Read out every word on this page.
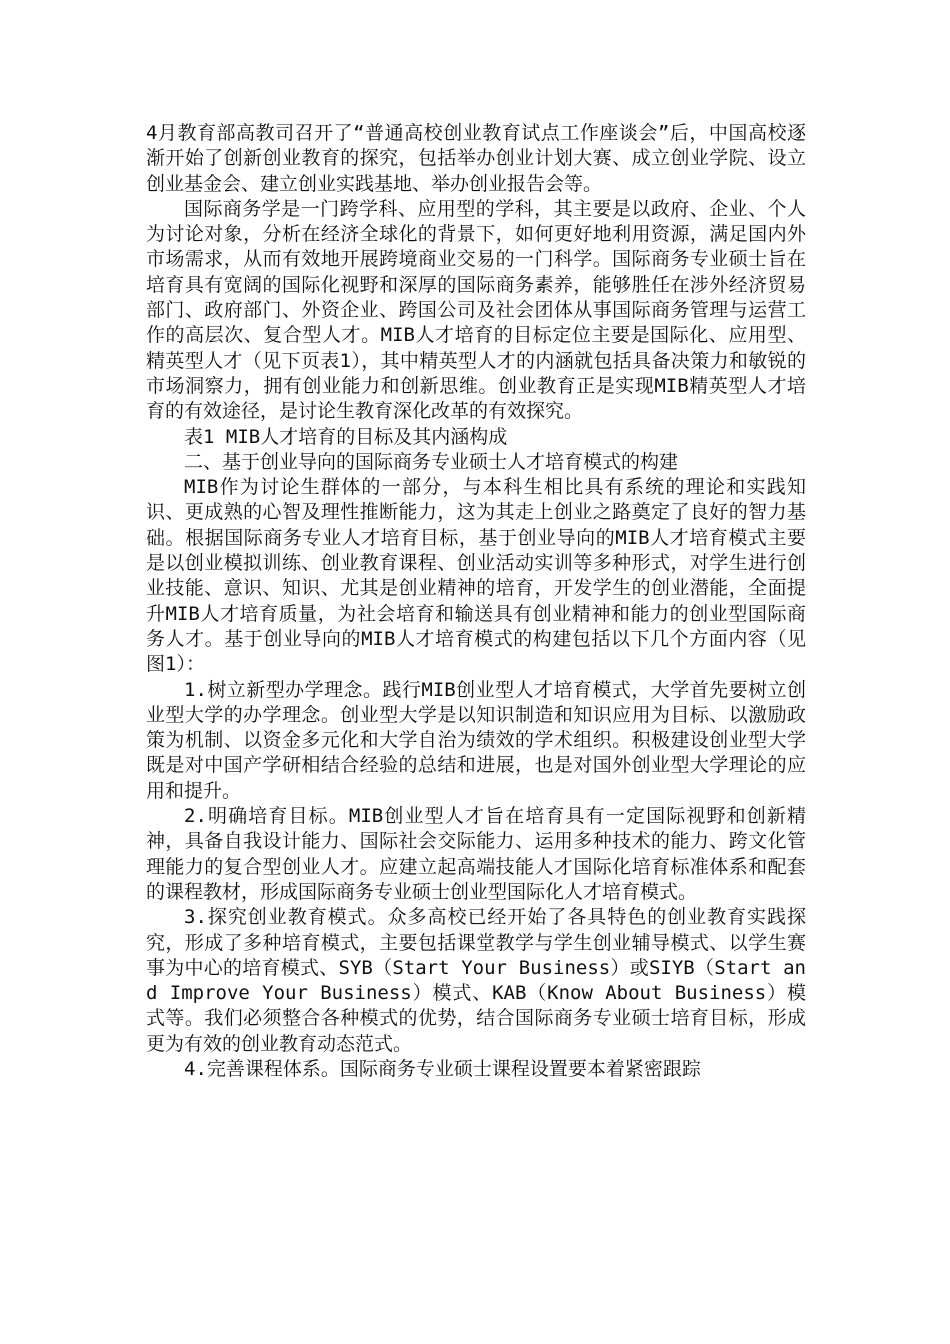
4月教育部高教司召开了“普通高校创业教育试点工作座谈会”后，中国高校逐渐开始了创新创业教育的探究，包括举办创业计划大赛、成立创业学院、设立创业基金会、建立创业实践基地、举办创业报告会等。

国际商务学是一门跨学科、应用型的学科，其主要是以政府、企业、个人为讨论对象，分析在经济全球化的背景下，如何更好地利用资源，满足国内外市场需求，从而有效地开展跨境商业交易的一门科学。国际商务专业硕士旨在培育具有宽阔的国际化视野和深厚的国际商务素养，能够胜任在涉外经济贸易部门、政府部门、外资企业、跨国公司及社会团体从事国际商务管理与运营工作的高层次、复合型人才。MIB人才培育的目标定位主要是国际化、应用型、精英型人才（见下页表1），其中精英型人才的内涵就包括具备决策力和敏锐的市场洞察力，拥有创业能力和创新思维。创业教育正是实现MIB精英型人才培育的有效途径，是讨论生教育深化改革的有效探究。

表1 MIB人才培育的目标及其内涵构成

二、基于创业导向的国际商务专业硕士人才培育模式的构建

MIB作为讨论生群体的一部分，与本科生相比具有系统的理论和实践知识、更成熟的心智及理性推断能力，这为其走上创业之路奠定了良好的智力基础。根据国际商务专业人才培育目标，基于创业导向的MIB人才培育模式主要是以创业模拟训练、创业教育课程、创业活动实训等多种形式，对学生进行创业技能、意识、知识、尤其是创业精神的培育，开发学生的创业潜能，全面提升MIB人才培育质量，为社会培育和输送具有创业精神和能力的创业型国际商务人才。基于创业导向的MIB人才培育模式的构建包括以下几个方面内容（见图1）：

1.树立新型办学理念。践行MIB创业型人才培育模式，大学首先要树立创业型大学的办学理念。创业型大学是以知识制造和知识应用为目标、以激励政策为机制、以资金多元化和大学自治为绩效的学术组织。积极建设创业型大学既是对中国产学研相结合经验的总结和进展，也是对国外创业型大学理论的应用和提升。

2.明确培育目标。MIB创业型人才旨在培育具有一定国际视野和创新精神，具备自我设计能力、国际社会交际能力、运用多种技术的能力、跨文化管理能力的复合型创业人才。应建立起高端技能人才国际化培育标准体系和配套的课程教材，形成国际商务专业硕士创业型国际化人才培育模式。

3.探究创业教育模式。众多高校已经开始了各具特色的创业教育实践探究，形成了多种培育模式，主要包括课堂教学与学生创业辅导模式、以学生赛事为中心的培育模式、SYB（Start Your Business）或SIYB（Start and Improve Your Business）模式、KAB（Know About Business）模式等。我们必须整合各种模式的优势，结合国际商务专业硕士培育目标，形成更为有效的创业教育动态范式。

4.完善课程体系。国际商务专业硕士课程设置要本着紧密跟踪
